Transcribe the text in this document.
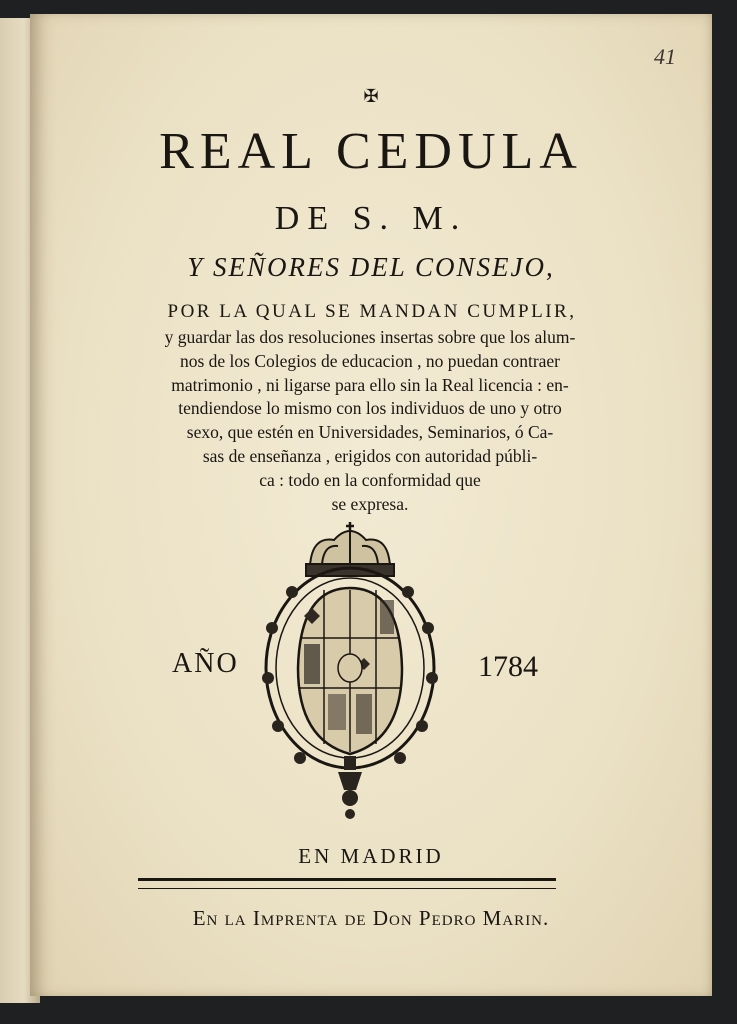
41
✠
REAL CEDULA
DE S. M.
Y SEÑORES DEL CONSEJO,
POR LA QUAL SE MANDAN CUMPLIR,
y guardar las dos resoluciones insertas sobre que los alum-
nos de los Colegios de educacion , no puedan contraer
matrimonio , ni ligarse para ello sin la Real licencia : en-
tendiendose lo mismo con los individuos de uno y otro
sexo, que estén en Universidades, Seminarios, ó Ca-
sas de enseñanza , erigidos con autoridad públi-
ca : todo en la conformidad que
se expresa.
AÑO	1784
EN MADRID
En la Imprenta de Don Pedro Marin.
